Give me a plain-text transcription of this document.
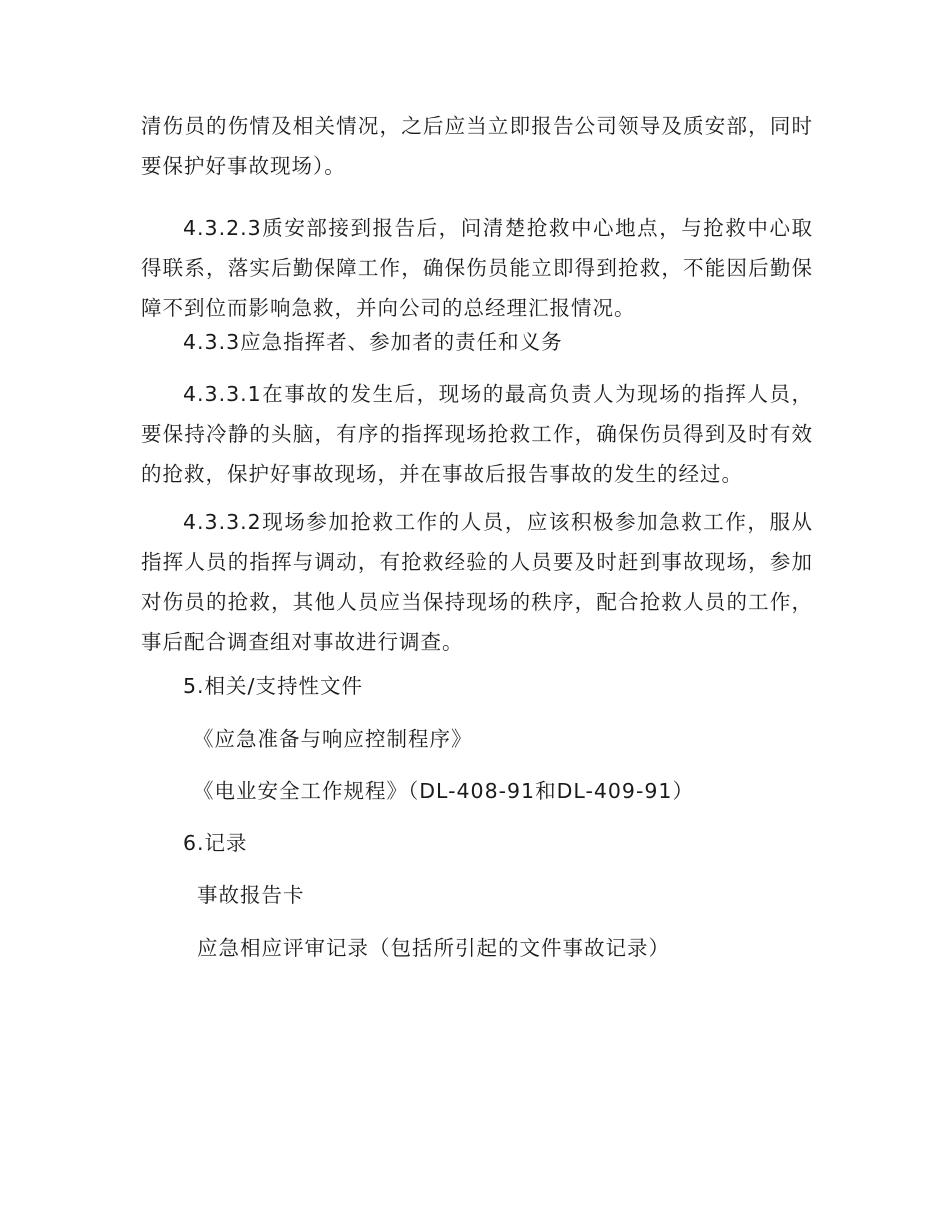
清伤员的伤情及相关情况，之后应当立即报告公司领导及质安部，同时要保护好事故现场）。

4.3.2.3质安部接到报告后，问清楚抢救中心地点，与抢救中心取得联系，落实后勤保障工作，确保伤员能立即得到抢救，不能因后勤保障不到位而影响急救，并向公司的总经理汇报情况。

4.3.3应急指挥者、参加者的责任和义务

4.3.3.1在事故的发生后，现场的最高负责人为现场的指挥人员，要保持冷静的头脑，有序的指挥现场抢救工作，确保伤员得到及时有效的抢救，保护好事故现场，并在事故后报告事故的发生的经过。

4.3.3.2现场参加抢救工作的人员，应该积极参加急救工作，服从指挥人员的指挥与调动，有抢救经验的人员要及时赶到事故现场，参加对伤员的抢救，其他人员应当保持现场的秩序，配合抢救人员的工作，事后配合调查组对事故进行调查。

5.相关/支持性文件

《应急准备与响应控制程序》

《电业安全工作规程》（DL-408-91和DL-409-91）

6.记录

事故报告卡

应急相应评审记录（包括所引起的文件事故记录）
